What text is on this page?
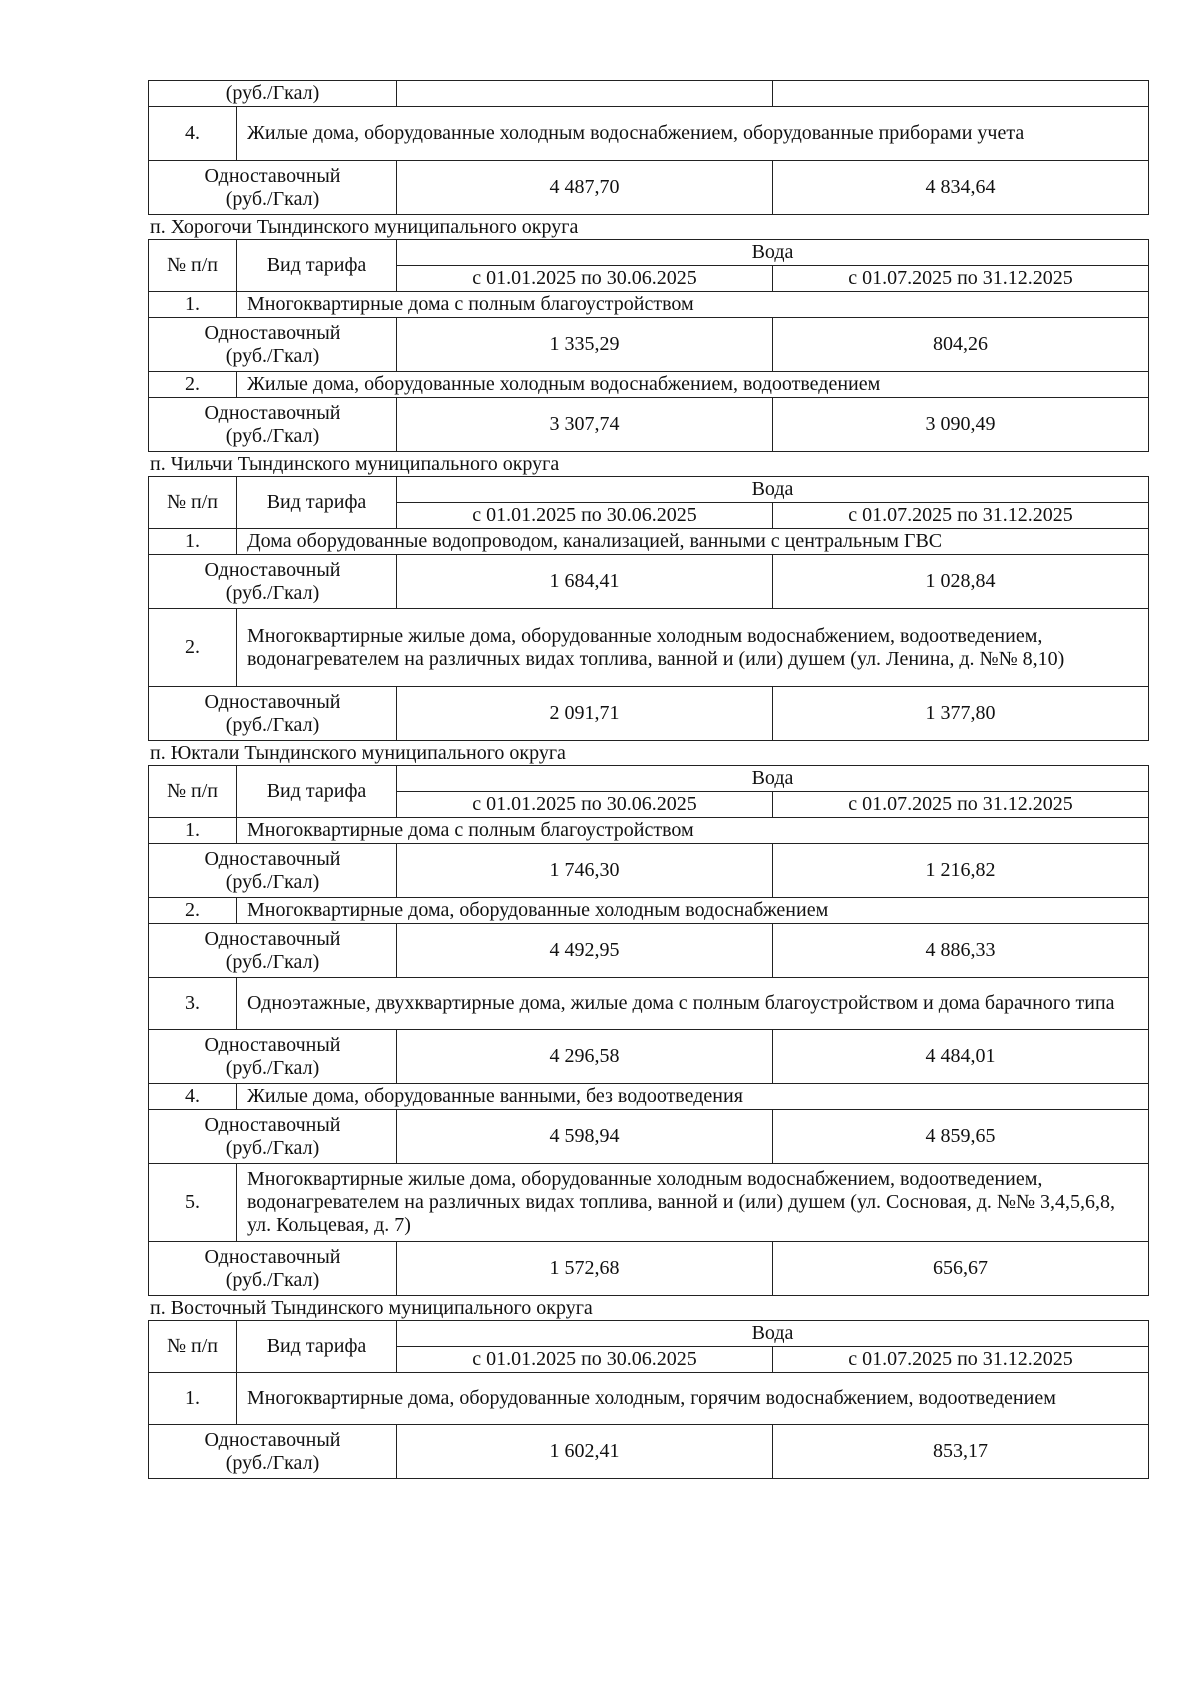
(руб./Гкал)			
4.	Жилые дома, оборудованные холодным водоснабжением, оборудованные приборами учета		

Одноставочный
(руб./Гкал)		4 487,70	4 834,64
п. Хорогочи Тындинского муниципального округа
№ п/п	Вид тарифа	Вода	
		с 01.01.2025 по 30.06.2025	с 01.07.2025 по 31.12.2025
1.	Многоквартирные дома с полным благоустройством		

Одноставочный
(руб./Гкал)		1 335,29	804,26
2.	Жилые дома, оборудованные холодным водоснабжением, водоотведением		

Одноставочный
(руб./Гкал)		3 307,74	3 090,49
п. Чильчи Тындинского муниципального округа
№ п/п	Вид тарифа	Вода	
		с 01.01.2025 по 30.06.2025	с 01.07.2025 по 31.12.2025
1.	Дома оборудованные водопроводом, канализацией, ванными с центральным ГВС		

Одноставочный
(руб./Гкал)		1 684,41	1 028,84
2.	Многоквартирные жилые дома, оборудованные холодным водоснабжением, водоотведением, водонагревателем на различных видах топлива, ванной и (или) душем (ул. Ленина, д. №№ 8,10)		

Одноставочный
(руб./Гкал)		2 091,71	1 377,80
п. Юктали Тындинского муниципального округа
№ п/п	Вид тарифа	Вода	
		с 01.01.2025 по 30.06.2025	с 01.07.2025 по 31.12.2025
1.	Многоквартирные дома с полным благоустройством		

Одноставочный
(руб./Гкал)		1 746,30	1 216,82
2.	Многоквартирные дома, оборудованные холодным водоснабжением		

Одноставочный
(руб./Гкал)		4 492,95	4 886,33
3.	Одноэтажные, двухквартирные дома, жилые дома с полным благоустройством и дома барачного типа		

Одноставочный
(руб./Гкал)		4 296,58	4 484,01
4.	Жилые дома, оборудованные ванными, без водоотведения		

Одноставочный
(руб./Гкал)		4 598,94	4 859,65
5.	Многоквартирные жилые дома, оборудованные холодным водоснабжением, водоотведением, водонагревателем на различных видах топлива, ванной и (или) душем (ул. Сосновая, д. №№ 3,4,5,6,8, ул. Кольцевая, д. 7)		

Одноставочный
(руб./Гкал)		1 572,68	656,67
п. Восточный Тындинского муниципального округа
№ п/п	Вид тарифа	Вода	
		с 01.01.2025 по 30.06.2025	с 01.07.2025 по 31.12.2025
1.	Многоквартирные дома, оборудованные холодным, горячим водоснабжением, водоотведением		

Одноставочный
(руб./Гкал)		1 602,41	853,17
